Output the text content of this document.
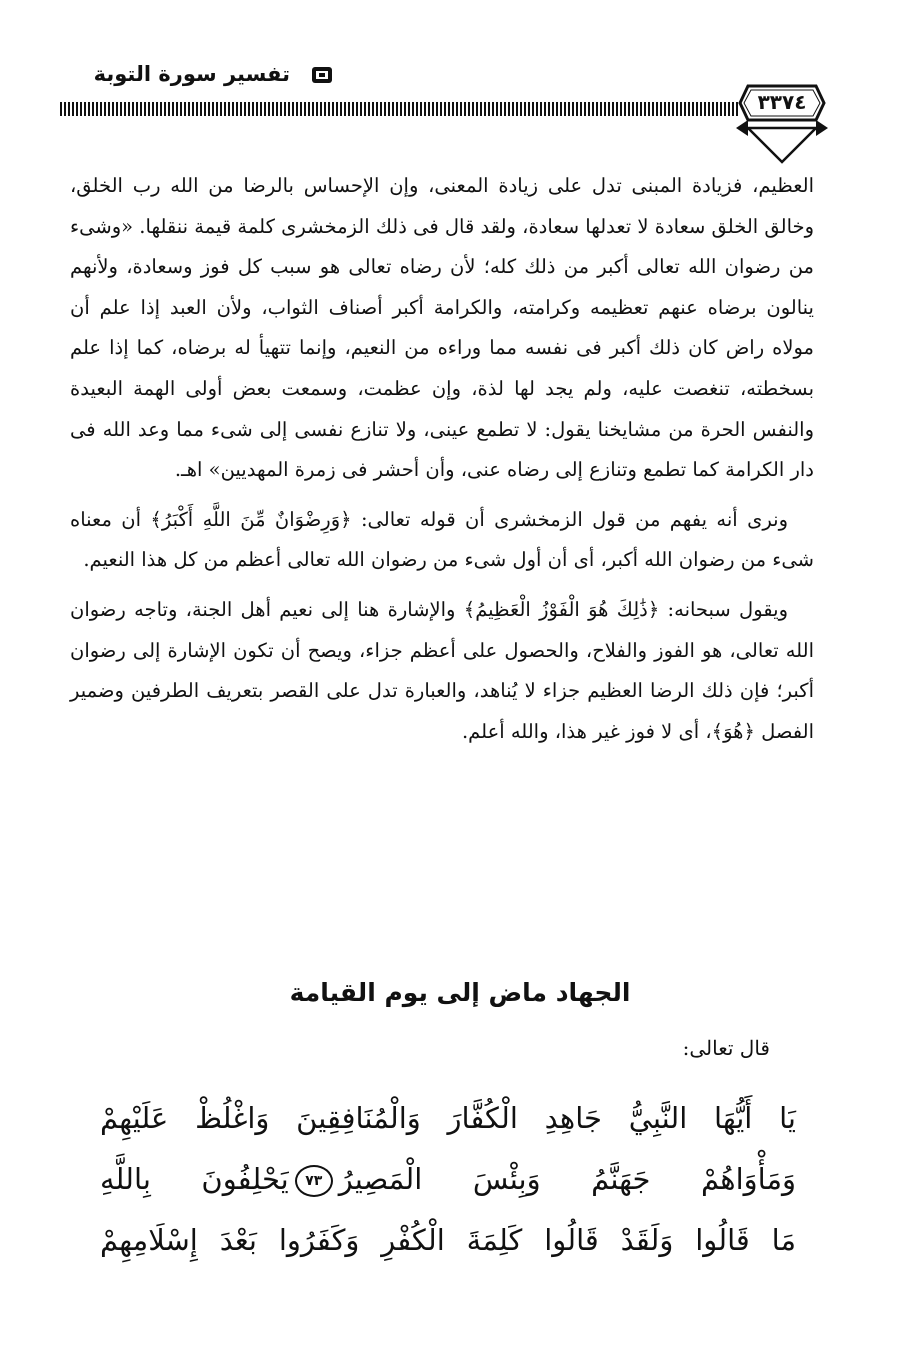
تفسير سورة التوبة
٣٣٧٤

العظيم، فزيادة المبنى تدل على زيادة المعنى، وإن الإحساس بالرضا من الله رب الخلق، وخالق الخلق سعادة لا تعدلها سعادة، ولقد قال فى ذلك الزمخشرى كلمة قيمة ننقلها. «وشىء من رضوان الله تعالى أكبر من ذلك كله؛ لأن رضاه تعالى هو سبب كل فوز وسعادة، ولأنهم ينالون برضاه عنهم تعظيمه وكرامته، والكرامة أكبر أصناف الثواب، ولأن العبد إذا علم أن مولاه راض كان ذلك أكبر فى نفسه مما وراءه من النعيم، وإنما تتهيأ له برضاه، كما إذا علم بسخطته، تنغصت عليه، ولم يجد لها لذة، وإن عظمت، وسمعت بعض أولى الهمة البعيدة والنفس الحرة من مشايخنا يقول: لا تطمع عينى، ولا تنازع نفسى إلى شىء مما وعد الله فى دار الكرامة كما تطمع وتنازع إلى رضاه عنى، وأن أحشر فى زمرة المهديين» اهـ.

ونرى أنه يفهم من قول الزمخشرى أن قوله تعالى: ﴿وَرِضْوَانٌ مِّنَ اللَّهِ أَكْبَرُ﴾ أن معناه شىء من رضوان الله أكبر، أى أن أول شىء من رضوان الله تعالى أعظم من كل هذا النعيم.

ويقول سبحانه: ﴿ذَٰلِكَ هُوَ الْفَوْزُ الْعَظِيمُ﴾ والإشارة هنا إلى نعيم أهل الجنة، وتاجه رضوان الله تعالى، هو الفوز والفلاح، والحصول على أعظم جزاء، ويصح أن تكون الإشارة إلى رضوان أكبر؛ فإن ذلك الرضا العظيم جزاء لا يُناهد، والعبارة تدل على القصر بتعريف الطرفين وضمير الفصل ﴿هُوَ﴾، أى لا فوز غير هذا، والله أعلم.

الجهاد ماض إلى يوم القيامة
قال تعالى:
يَا أَيُّهَا النَّبِيُّ جَاهِدِ الْكُفَّارَ وَالْمُنَافِقِينَ وَاغْلُظْ عَلَيْهِمْ
وَمَأْوَاهُمْ جَهَنَّمُ وَبِئْسَ الْمَصِيرُ٧٣يَحْلِفُونَ بِاللَّهِ
مَا قَالُوا وَلَقَدْ قَالُوا كَلِمَةَ الْكُفْرِ وَكَفَرُوا بَعْدَ إِسْلَامِهِمْ
